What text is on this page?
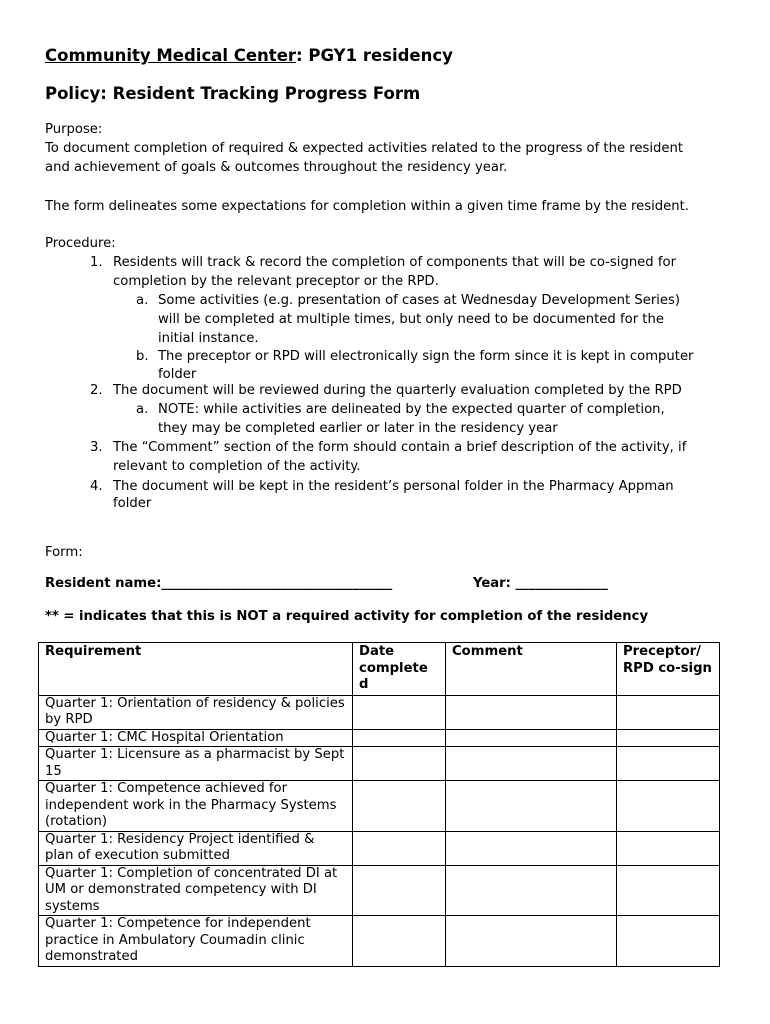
Community Medical Center: PGY1 residency
Policy: Resident Tracking Progress Form
Purpose:
To document completion of required & expected activities related to the progress of the resident
and achievement of goals & outcomes throughout the residency year.
The form delineates some expectations for completion within a given time frame by the resident.
Procedure:
1. Residents will track & record the completion of components that will be co-signed for
completion by the relevant preceptor or the RPD.
a. Some activities (e.g. presentation of cases at Wednesday Development Series)
will be completed at multiple times, but only need to be documented for the
initial instance.
b. The preceptor or RPD will electronically sign the form since it is kept in computer
folder
2. The document will be reviewed during the quarterly evaluation completed by the RPD
a. NOTE: while activities are delineated by the expected quarter of completion,
they may be completed earlier or later in the residency year
3. The “Comment” section of the form should contain a brief description of the activity, if
relevant to completion of the activity.
4. The document will be kept in the resident’s personal folder in the Pharmacy Appman
folder
Form:
Resident name:___________________________________	Year: ______________
** = indicates that this is NOT a required activity for completion of the residency
Requirement	Date complete d	Comment	Preceptor/ RPD co-sign
Quarter 1: Orientation of residency & policies by RPD			
Quarter 1: CMC Hospital Orientation			
Quarter 1: Licensure as a pharmacist by Sept 15			
Quarter 1: Competence achieved for independent work in the Pharmacy Systems (rotation)			
Quarter 1: Residency Project identified & plan of execution submitted			
Quarter 1: Completion of concentrated DI at UM or demonstrated competency with DI systems			
Quarter 1: Competence for independent practice in Ambulatory Coumadin clinic demonstrated			
